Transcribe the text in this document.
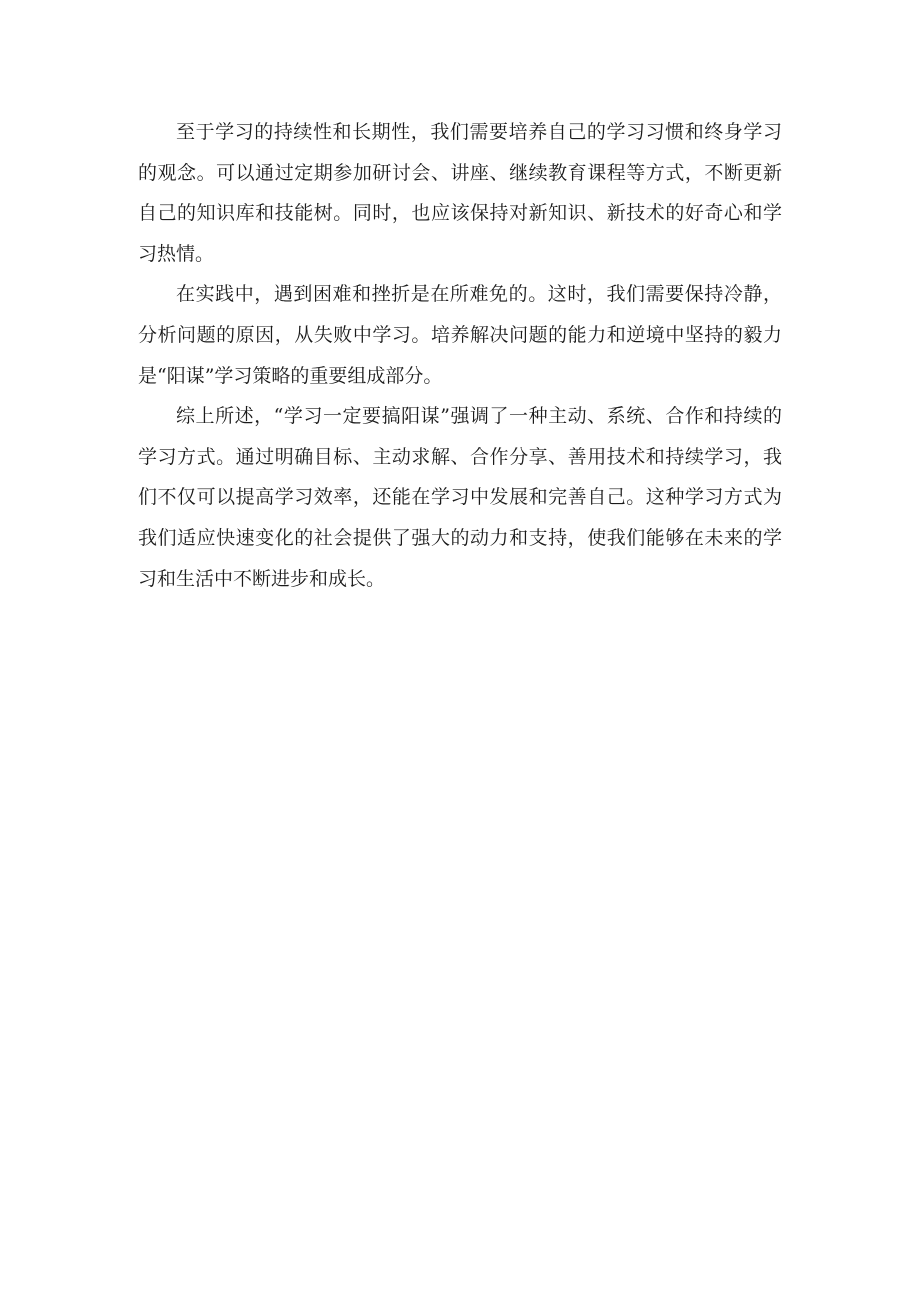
至于学习的持续性和长期性，我们需要培养自己的学习习惯和终身学习的观念。可以通过定期参加研讨会、讲座、继续教育课程等方式，不断更新自己的知识库和技能树。同时，也应该保持对新知识、新技术的好奇心和学习热情。

在实践中，遇到困难和挫折是在所难免的。这时，我们需要保持冷静，分析问题的原因，从失败中学习。培养解决问题的能力和逆境中坚持的毅力是“阳谋”学习策略的重要组成部分。

综上所述，“学习一定要搞阳谋”强调了一种主动、系统、合作和持续的学习方式。通过明确目标、主动求解、合作分享、善用技术和持续学习，我们不仅可以提高学习效率，还能在学习中发展和完善自己。这种学习方式为我们适应快速变化的社会提供了强大的动力和支持，使我们能够在未来的学习和生活中不断进步和成长。
